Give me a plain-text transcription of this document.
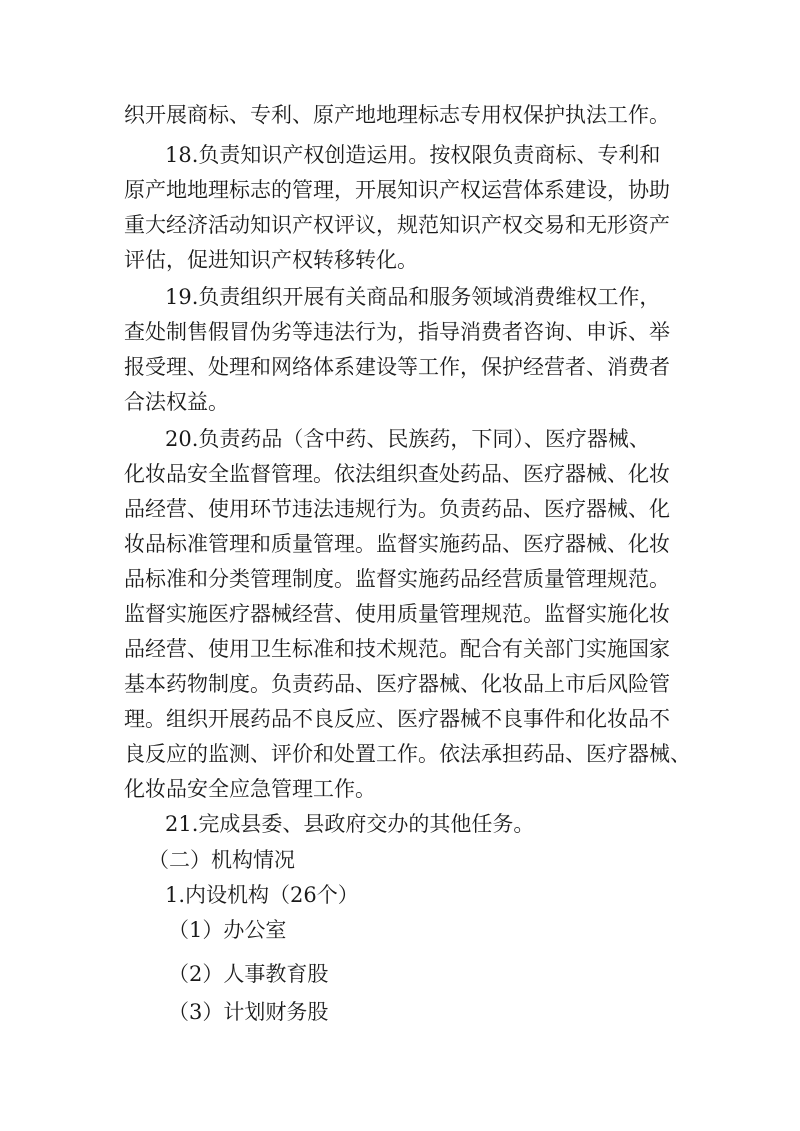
织开展商标、专利、原产地地理标志专用权保护执法工作。
18.负责知识产权创造运用。按权限负责商标、专利和
原产地地理标志的管理，开展知识产权运营体系建设，协助
重大经济活动知识产权评议，规范知识产权交易和无形资产
评估，促进知识产权转移转化。
19.负责组织开展有关商品和服务领域消费维权工作，
查处制售假冒伪劣等违法行为，指导消费者咨询、申诉、举
报受理、处理和网络体系建设等工作，保护经营者、消费者
合法权益。
20.负责药品（含中药、民族药，下同）、医疗器械、
化妆品安全监督管理。依法组织查处药品、医疗器械、化妆
品经营、使用环节违法违规行为。负责药品、医疗器械、化
妆品标准管理和质量管理。监督实施药品、医疗器械、化妆
品标准和分类管理制度。监督实施药品经营质量管理规范。
监督实施医疗器械经营、使用质量管理规范。监督实施化妆
品经营、使用卫生标准和技术规范。配合有关部门实施国家
基本药物制度。负责药品、医疗器械、化妆品上市后风险管
理。组织开展药品不良反应、医疗器械不良事件和化妆品不
良反应的监测、评价和处置工作。依法承担药品、医疗器械、
化妆品安全应急管理工作。
21.完成县委、县政府交办的其他任务。
（二）机构情况
1.内设机构（26个）
（1）办公室
（2）人事教育股
（3）计划财务股
